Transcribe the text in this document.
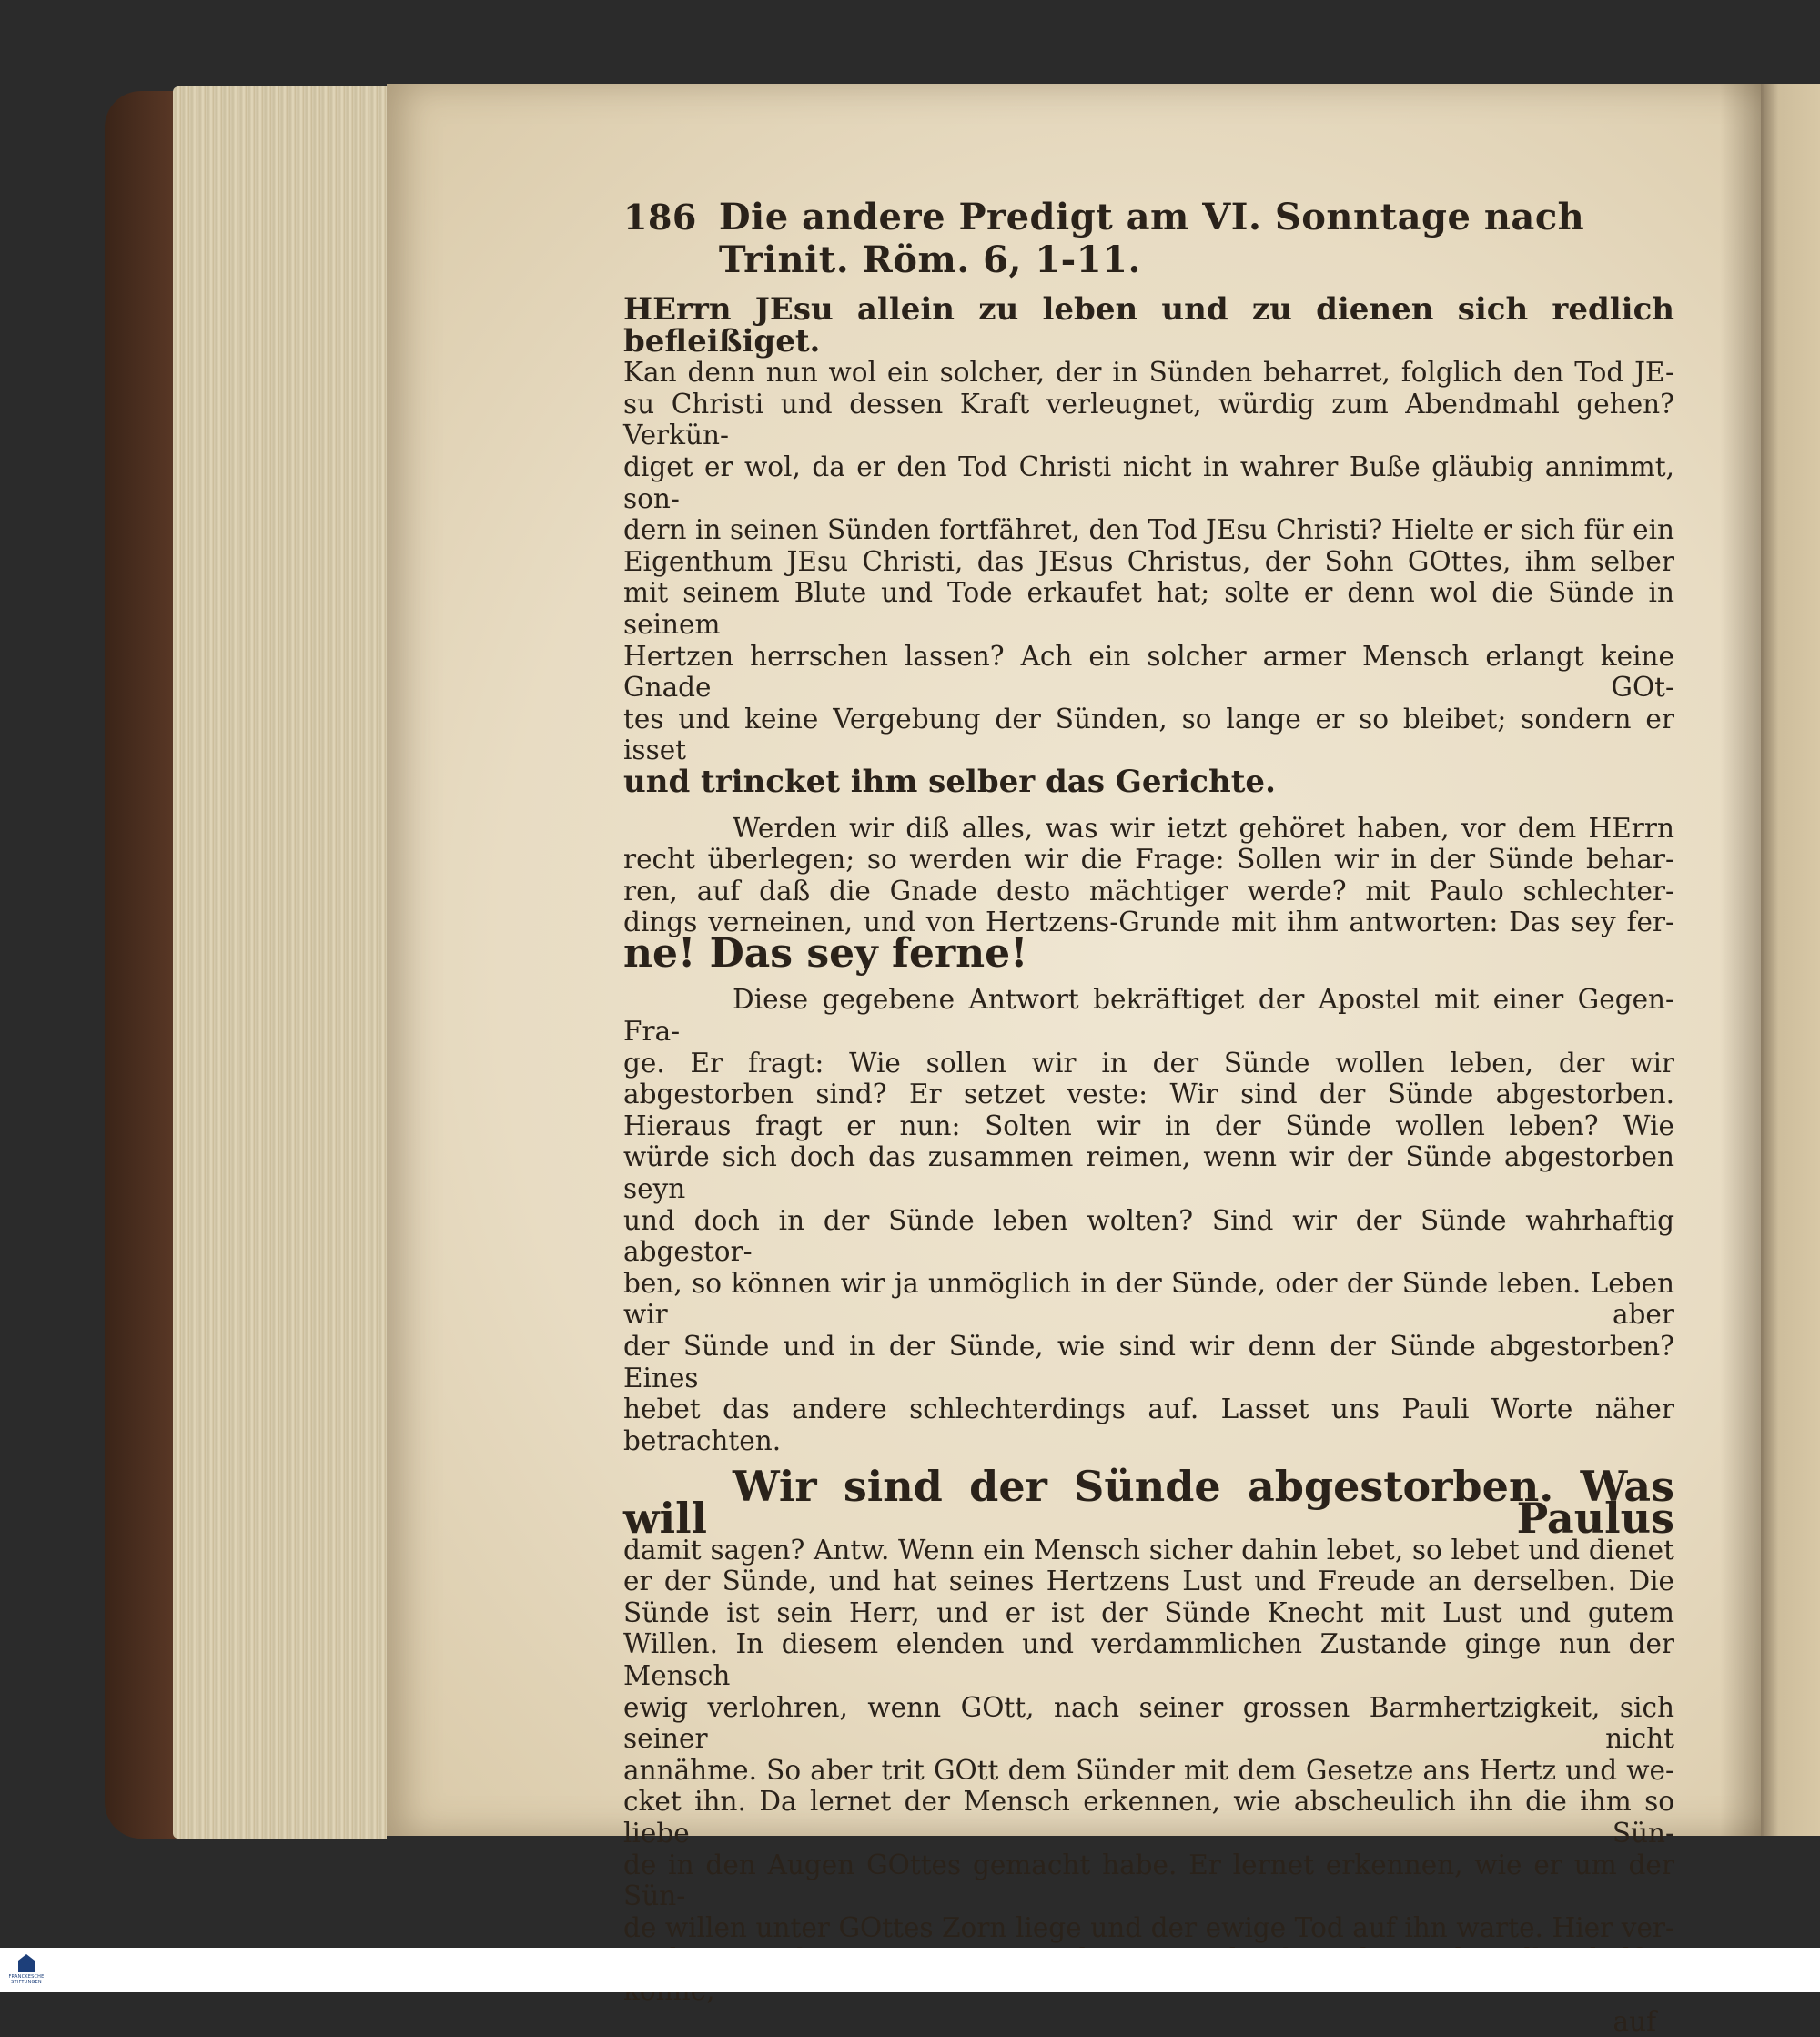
186 Die andere Predigt am VI. Sonntage nach Trinit. Röm. 6, 1-11.

HErrn JEsu allein zu leben und zu dienen sich redlich befleißiget.

Kan denn nun wol ein solcher, der in Sünden beharret, folglich den Tod JE-

su Christi und dessen Kraft verleugnet, würdig zum Abendmahl gehen? Verkün-

diget er wol, da er den Tod Christi nicht in wahrer Buße gläubig annimmt, son-

dern in seinen Sünden fortfähret, den Tod JEsu Christi? Hielte er sich für ein

Eigenthum JEsu Christi, das JEsus Christus, der Sohn GOttes, ihm selber

mit seinem Blute und Tode erkaufet hat; solte er denn wol die Sünde in seinem

Hertzen herrschen lassen? Ach ein solcher armer Mensch erlangt keine Gnade GOt-

tes und keine Vergebung der Sünden, so lange er so bleibet; sondern er isset

und trincket ihm selber das Gerichte.

Werden wir diß alles, was wir ietzt gehöret haben, vor dem HErrn

recht überlegen; so werden wir die Frage: Sollen wir in der Sünde behar-

ren, auf daß die Gnade desto mächtiger werde? mit Paulo schlechter-

dings verneinen, und von Hertzens-Grunde mit ihm antworten: Das sey fer-

ne! Das sey ferne!

Diese gegebene Antwort bekräftiget der Apostel mit einer Gegen-Fra-

ge. Er fragt: Wie sollen wir in der Sünde wollen leben, der wir

abgestorben sind? Er setzet veste: Wir sind der Sünde abgestorben.

Hieraus fragt er nun: Solten wir in der Sünde wollen leben? Wie

würde sich doch das zusammen reimen, wenn wir der Sünde abgestorben seyn

und doch in der Sünde leben wolten? Sind wir der Sünde wahrhaftig abgestor-

ben, so können wir ja unmöglich in der Sünde, oder der Sünde leben. Leben wir aber

der Sünde und in der Sünde, wie sind wir denn der Sünde abgestorben? Eines

hebet das andere schlechterdings auf. Lasset uns Pauli Worte näher betrachten.

Wir sind der Sünde abgestorben. Was will Paulus

damit sagen? Antw. Wenn ein Mensch sicher dahin lebet, so lebet und dienet

er der Sünde, und hat seines Hertzens Lust und Freude an derselben. Die

Sünde ist sein Herr, und er ist der Sünde Knecht mit Lust und gutem

Willen. In diesem elenden und verdammlichen Zustande ginge nun der Mensch

ewig verlohren, wenn GOtt, nach seiner grossen Barmhertzigkeit, sich seiner nicht

annähme. So aber trit GOtt dem Sünder mit dem Gesetze ans Hertz und we-

cket ihn. Da lernet der Mensch erkennen, wie abscheulich ihn die ihm so liebe Sün-

de in den Augen GOttes gemacht habe. Er lernet erkennen, wie er um der Sün-

de willen unter GOttes Zorn liege und der ewige Tod auf ihn warte. Hier ver-

auf
FRANCKESCHE STIFTUNGEN
